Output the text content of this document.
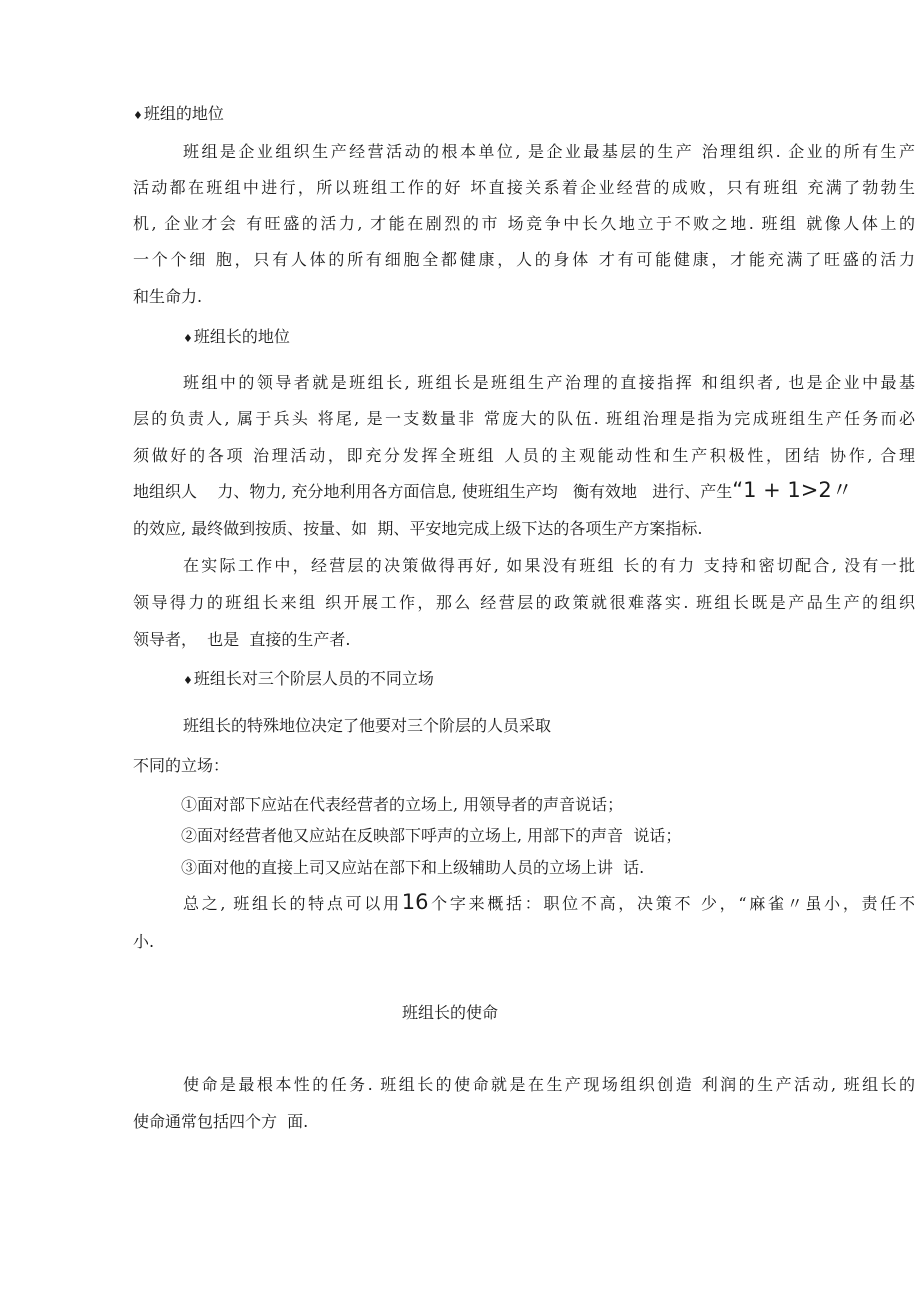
♦班组的地位
班组是企业组织生产经营活动的根本单位, 是企业最基层的生产 治理组织. 企业的所有生产
活动都在班组中进行，所以班组工作的好 坏直接关系着企业经营的成败，只有班组 充满了勃勃生
机, 企业才会 有旺盛的活力, 才能在剧烈的市 场竞争中长久地立于不败之地. 班组 就像人体上的
一个个细 胞，只有人体的所有细胞全都健康，人的身体 才有可能健康，才能充满了旺盛的活力
和生命力.
♦班组长的地位
班组中的领导者就是班组长, 班组长是班组生产治理的直接指挥 和组织者, 也是企业中最基
层的负责人, 属于兵头 将尾, 是一支数量非 常庞大的队伍. 班组治理是指为完成班组生产任务而必
须做好的各项 治理活动，即充分发挥全班组 人员的主观能动性和生产积极性，团结 协作, 合理
地组织人    力、物力, 充分地利用各方面信息, 使班组生产均   衡有效地   进行、产生“1 + 1>2〃
的效应, 最终做到按质、按量、如  期、平安地完成上级下达的各项生产方案指标.
在实际工作中，经营层的决策做得再好, 如果没有班组 长的有力 支持和密切配合, 没有一批
领导得力的班组长来组 织开展工作，那么 经营层的政策就很难落实. 班组长既是产品生产的组织
领导者，  也是  直接的生产者.
♦班组长对三个阶层人员的不同立场
班组长的特殊地位决定了他要对三个阶层的人员采取
不同的立场：
①面对部下应站在代表经营者的立场上, 用领导者的声音说话；
②面对经营者他又应站在反映部下呼声的立场上, 用部下的声音  说话；
③面对他的直接上司又应站在部下和上级辅助人员的立场上讲  话.
总之, 班组长的特点可以用16个字来概括：职位不高，决策不 少，“麻雀〃虽小，责任不
小.
班组长的使命
使命是最根本性的任务. 班组长的使命就是在生产现场组织创造 利润的生产活动, 班组长的
使命通常包括四个方  面.
